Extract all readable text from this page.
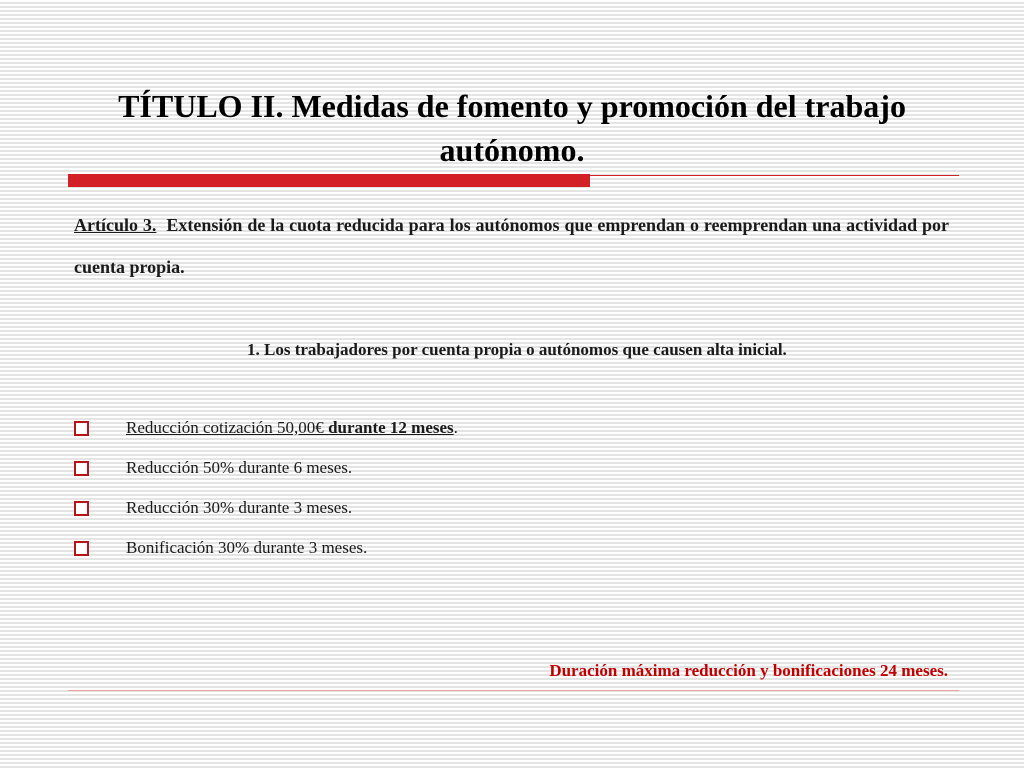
TÍTULO II. Medidas de fomento y promoción del trabajo autónomo.
Artículo 3. Extensión de la cuota reducida para los autónomos que emprendan o reemprendan una actividad por cuenta propia.
1. Los trabajadores por cuenta propia o autónomos que causen alta inicial.
Reducción cotización 50,00€ durante 12 meses.
Reducción 50% durante 6 meses.
Reducción 30% durante 3 meses.
Bonificación 30% durante 3 meses.
Duración máxima reducción y bonificaciones 24 meses.
